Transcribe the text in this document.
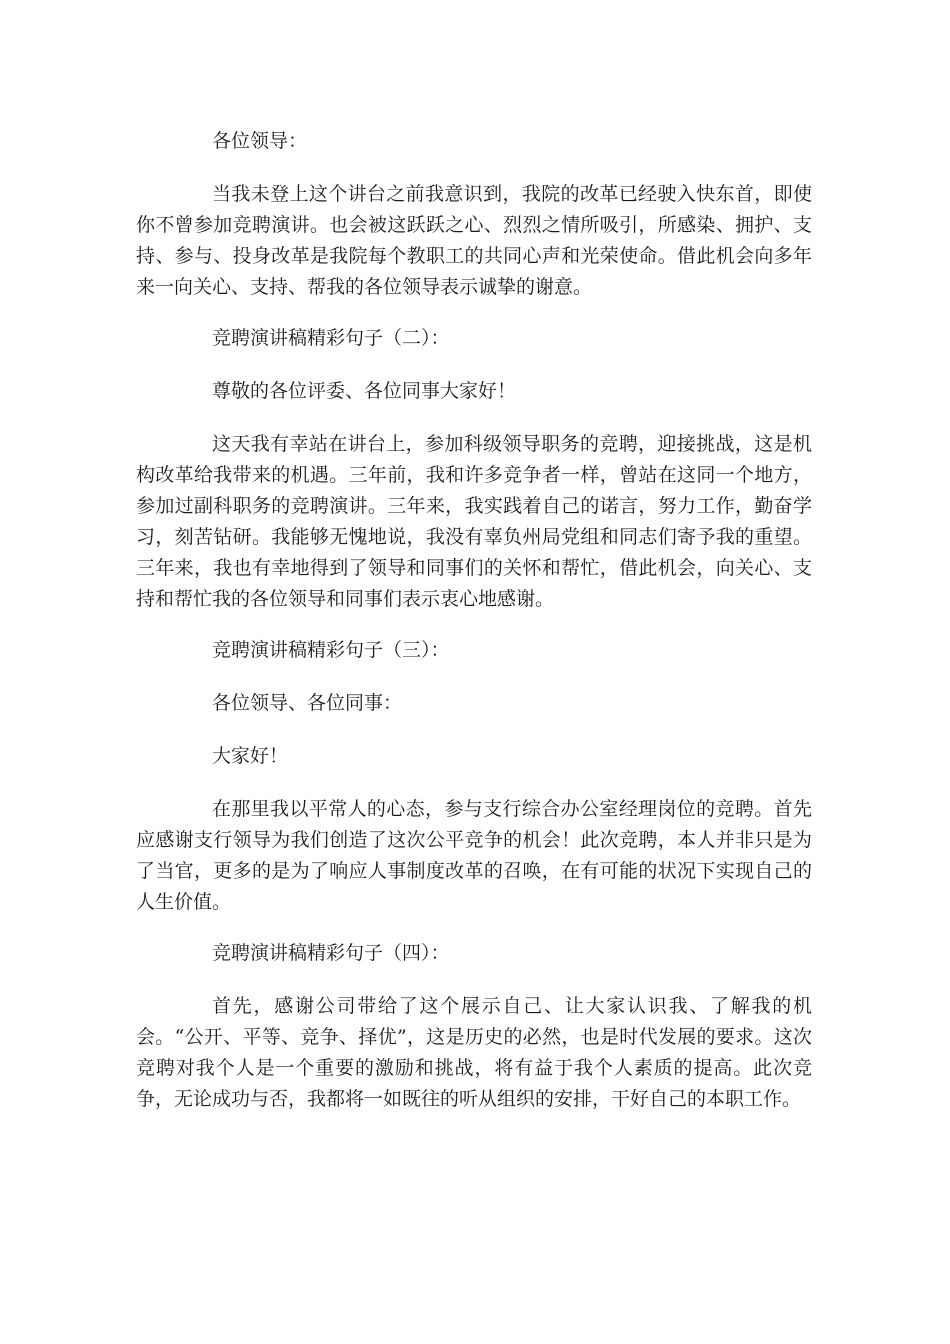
各位领导：

当我未登上这个讲台之前我意识到，我院的改革已经驶入快东首，即使你不曾参加竞聘演讲。也会被这跃跃之心、烈烈之情所吸引，所感染、拥护、支持、参与、投身改革是我院每个教职工的共同心声和光荣使命。借此机会向多年来一向关心、支持、帮我的各位领导表示诚挚的谢意。

竞聘演讲稿精彩句子（二）：

尊敬的各位评委、各位同事大家好！

这天我有幸站在讲台上，参加科级领导职务的竞聘，迎接挑战，这是机构改革给我带来的机遇。三年前，我和许多竞争者一样，曾站在这同一个地方，参加过副科职务的竞聘演讲。三年来，我实践着自己的诺言，努力工作，勤奋学习，刻苦钻研。我能够无愧地说，我没有辜负州局党组和同志们寄予我的重望。三年来，我也有幸地得到了领导和同事们的关怀和帮忙，借此机会，向关心、支持和帮忙我的各位领导和同事们表示衷心地感谢。

竞聘演讲稿精彩句子（三）：

各位领导、各位同事：

大家好！

在那里我以平常人的心态，参与支行综合办公室经理岗位的竞聘。首先应感谢支行领导为我们创造了这次公平竞争的机会！此次竞聘，本人并非只是为了当官，更多的是为了响应人事制度改革的召唤，在有可能的状况下实现自己的人生价值。

竞聘演讲稿精彩句子（四）：

首先，感谢公司带给了这个展示自己、让大家认识我、了解我的机会。“公开、平等、竞争、择优”，这是历史的必然，也是时代发展的要求。这次竞聘对我个人是一个重要的激励和挑战，将有益于我个人素质的提高。此次竞争，无论成功与否，我都将一如既往的听从组织的安排，干好自己的本职工作。
